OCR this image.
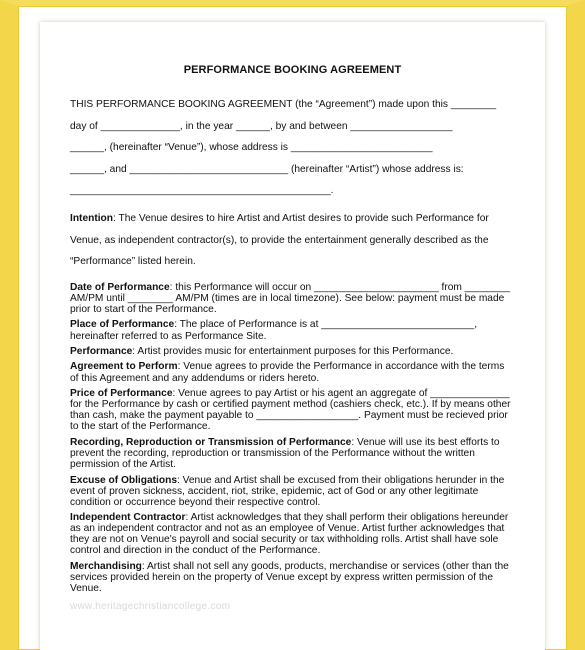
PERFORMANCE BOOKING AGREEMENT
THIS PERFORMANCE BOOKING AGREEMENT (the “Agreement”) made upon this ________
day of ______________, in the year ______, by and between __________________
______, (hereinafter “Venue”), whose address is _________________________
______, and ____________________________ (hereinafter “Artist”) whose address is:
______________________________________________.
Intention: The Venue desires to hire Artist and Artist desires to provide such Performance for Venue, as independent contractor(s), to provide the entertainment generally described as the “Performance” listed herein.
Date of Performance: this Performance will occur on ______________________ from ________ AM/PM until ________ AM/PM (times are in local timezone). See below: payment must be made prior to start of the Performance.
Place of Performance: The place of Performance is at ___________________________, hereinafter referred to as Performance Site.
Performance: Artist provides music for entertainment purposes for this Performance.
Agreement to Perform: Venue agrees to provide the Performance in accordance with the terms of this Agreement and any addendums or riders hereto.
Price of Performance: Venue agrees to pay Artist or his agent an aggregate of ______________ for the Performance by cash or certified payment method (cashiers check, etc.). If by means other than cash, make the payment payable to __________________. Payment must be recieved prior to the start of the Performance.
Recording, Reproduction or Transmission of Performance: Venue will use its best efforts to prevent the recording, reproduction or transmission of the Performance without the written permission of the Artist.
Excuse of Obligations: Venue and Artist shall be excused from their obligations herunder in the event of proven sickness, accident, riot, strike, epidemic, act of God or any other legitimate condition or occurrence beyond their respective control.
Independent Contractor: Artist acknowledges that they shall perform their obligations hereunder as an independent contractor and not as an employee of Venue. Artist further acknowledges that they are not on Venue's payroll and social security or tax withholding rolls. Artist shall have sole control and direction in the conduct of the Performance.
Merchandising: Artist shall not sell any goods, products, merchandise or services (other than the services provided herein on the property of Venue except by express written permission of the Venue.
www.heritagechristiancollege.com
